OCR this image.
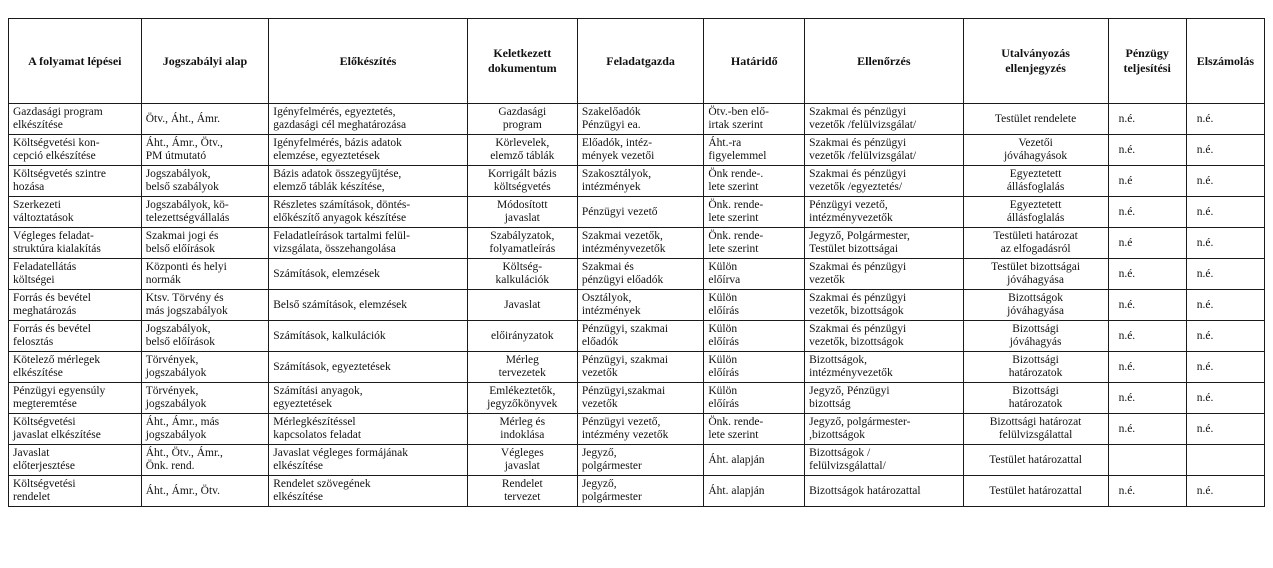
A folyamat lépései	Jogszabályi alap	Előkészítés	Keletkezett
dokumentum	Feladatgazda	Határidő	Ellenőrzés	Utalványozás
ellenjegyzés	Pénzügy
teljesítési	Elszámolás

Gazdasági program
elkészítése	Ötv., Áht., Ámr.	Igényfelmérés, egyeztetés,
gazdasági cél meghatározása	Gazdasági
program	Szakelőadók
Pénzügyi ea.	Ötv.-ben elő-
irtak szerint	Szakmai és pénzügyi
vezetők /felülvizsgálat/	Testület rendelete	n.é.	n.é.

Költségvetési kon-
cepció elkészítése	Áht., Ámr., Ötv.,
PM útmutató	Igényfelmérés, bázis adatok
elemzése, egyeztetések	Körlevelek,
elemző táblák	Előadók, intéz-
mények vezetői	Áht.-ra
figyelemmel	Szakmai és pénzügyi
vezetők /felülvizsgálat/	Vezetői
jóváhagyások	n.é.	n.é.

Költségvetés szintre
hozása	Jogszabályok,
belső szabályok	Bázis adatok összegyűjtése,
elemző táblák készítése,	Korrigált bázis
költségvetés	Szakosztályok,
intézmények	Önk rende-.
lete szerint	Szakmai és pénzügyi
vezetők /egyeztetés/	Egyeztetett
állásfoglalás	n.é	n.é.

Szerkezeti
változtatások	Jogszabályok, kö-
telezettségvállalás	Részletes számítások, döntés-
előkészítő anyagok készítése	Módosított
javaslat	Pénzügyi vezető	Önk. rende-
lete szerint	Pénzügyi vezető,
intézményvezetők	Egyeztetett
állásfoglalás	n.é.	n.é.

Végleges feladat-
struktúra kialakítás	Szakmai jogi és
belső előírások	Feladatleírások tartalmi felül-
vizsgálata, összehangolása	Szabályzatok,
folyamatleírás	Szakmai vezetők,
intézményvezetők	Önk. rende-
lete szerint	Jegyző, Polgármester,
Testület bizottságai	Testületi határozat
az elfogadásról	n.é	n.é.

Feladatellátás
költségei	Központi és helyi
normák	Számítások, elemzések	Költség-
kalkulációk	Szakmai és
pénzügyi előadók	Külön
előírva	Szakmai és pénzügyi
vezetők	Testület bizottságai
jóváhagyása	n.é.	n.é.

Forrás és bevétel
meghatározás	Ktsv. Törvény és
más jogszabályok	Belső számítások, elemzések	Javaslat	Osztályok,
intézmények	Külön
előírás	Szakmai és pénzügyi
vezetők, bizottságok	Bizottságok
jóváhagyása	n.é.	n.é.

Forrás és bevétel
felosztás	Jogszabályok,
belső előírások	Számítások, kalkulációk	előirányzatok	Pénzügyi, szakmai
előadók	Külön
előírás	Szakmai és pénzügyi
vezetők, bizottságok	Bizottsági
jóváhagyás	n.é.	n.é.

Kötelező mérlegek
elkészítése	Törvények,
jogszabályok	Számítások, egyeztetések	Mérleg
tervezetek	Pénzügyi, szakmai
vezetők	Külön
előírás	Bizottságok,
intézményvezetők	Bizottsági
határozatok	n.é.	n.é.

Pénzügyi egyensúly
megteremtése	Törvények,
jogszabályok	Számítási anyagok,
egyeztetések	Emlékeztetők,
jegyzőkönyvek	Pénzügyi,szakmai
vezetők	Külön
előírás	Jegyző, Pénzügyi
bizottság	Bizottsági
határozatok	n.é.	n.é.

Költségvetési
javaslat elkészítése	Áht., Ámr., más
jogszabályok	Mérlegkészítéssel
kapcsolatos feladat	Mérleg és
indoklása	Pénzügyi vezető,
intézmény vezetők	Önk. rende-
lete szerint	Jegyző, polgármester-
,bizottságok	Bizottsági határozat
felülvizsgálattal	n.é.	n.é.

Javaslat
előterjesztése	Áht., Ötv., Ámr.,
Önk. rend.	Javaslat végleges formájának
elkészítése	Végleges
javaslat	Jegyző,
polgármester	Áht. alapján	Bizottságok /
felülvizsgálattal/	Testület határozattal		

Költségvetési
rendelet	Áht., Ámr., Ötv.	Rendelet szövegének
elkészítése	Rendelet
tervezet	Jegyző,
polgármester	Áht. alapján	Bizottságok határozattal	Testület határozattal	n.é.	n.é.
